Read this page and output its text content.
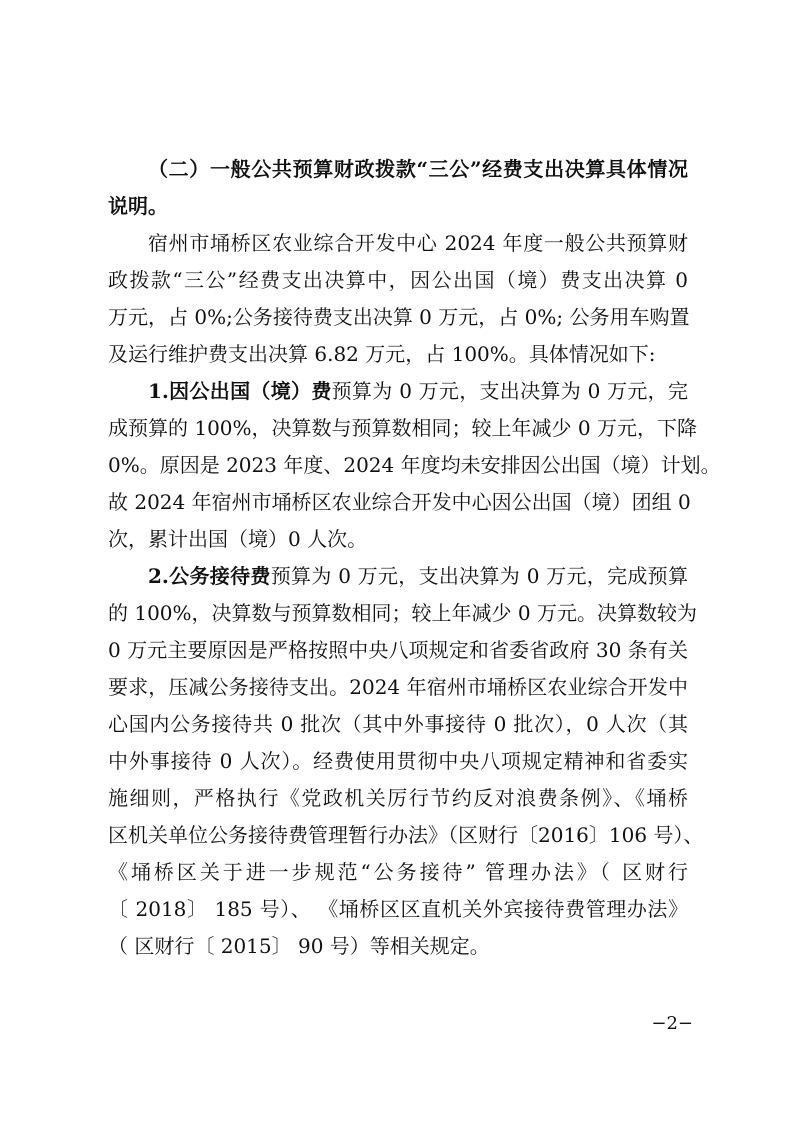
（二）一般公共预算财政拨款“三公”经费支出决算具体情况
说明。
宿州市埇桥区农业综合开发中心 2024 年度一般公共预算财
政拨款“三公”经费支出决算中，因公出国（境）费支出决算 0
万元，占 0%;公务接待费支出决算 0 万元，占 0%; 公务用车购置
及运行维护费支出决算 6.82 万元，占 100%。具体情况如下:
1.因公出国（境）费预算为 0 万元，支出决算为 0 万元，完
成预算的 100%，决算数与预算数相同；较上年减少 0 万元，下降
0%。原因是 2023 年度、2024 年度均未安排因公出国（境）计划。
故 2024 年宿州市埇桥区农业综合开发中心因公出国（境）团组 0
次，累计出国（境）0 人次。
2.公务接待费预算为 0 万元，支出决算为 0 万元，完成预算
的 100%，决算数与预算数相同；较上年减少 0 万元。决算数较为
0 万元主要原因是严格按照中央八项规定和省委省政府 30 条有关
要求，压减公务接待支出。2024 年宿州市埇桥区农业综合开发中
心国内公务接待共 0 批次（其中外事接待 0 批次），0 人次（其
中外事接待 0 人次）。经费使用贯彻中央八项规定精神和省委实
施细则，严格执行《党政机关厉行节约反对浪费条例》、《埇桥
区机关单位公务接待费管理暂行办法》（区财行〔2016〕106 号）、
《埇桥区关于进一步规范“公务接待” 管理办法》（ 区财行
〔 2018〕 185 号）、 《埇桥区区直机关外宾接待费管理办法》
（ 区财行〔 2015〕 90 号）等相关规定。
−2−
